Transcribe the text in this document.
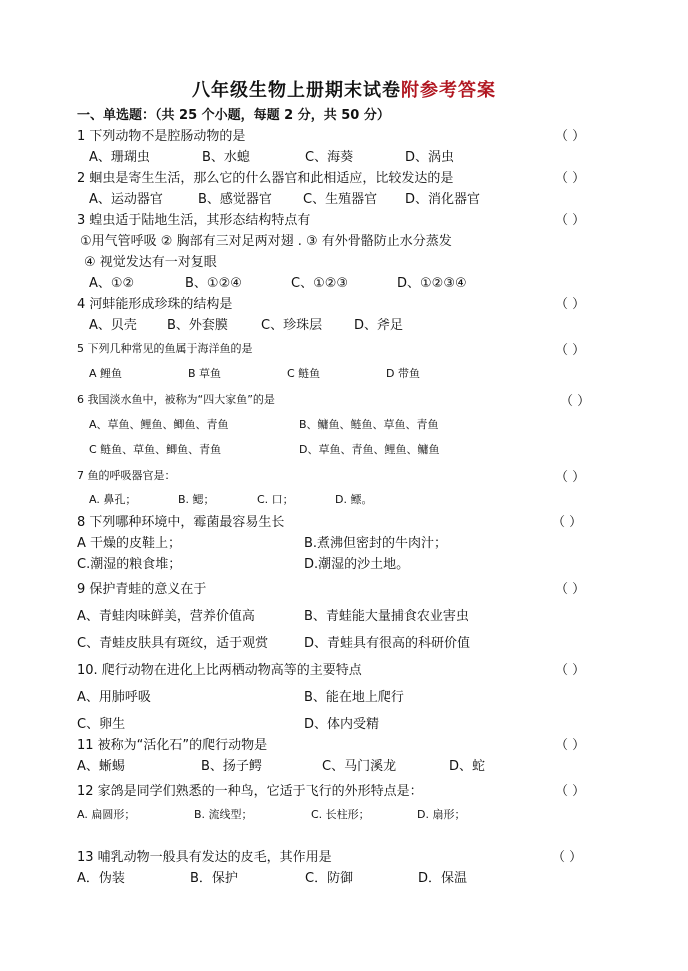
八年级生物上册期末试卷附参考答案
一、单选题：（共 25 个小题，每题 2 分，共 50 分）
1 下列动物不是腔肠动物的是	（ ）
A、珊瑚虫	B、水螅	C、海葵	D、涡虫
2 蛔虫是寄生生活，那么它的什么器官和此相适应，比较发达的是	（ ）
A、运动器官	B、感觉器官 C、生殖器官 D、消化器官
3 蝗虫适于陆地生活，其形态结构特点有	（ ）
①用气管呼吸 ② 胸部有三对足两对翅 . ③ 有外骨骼防止水分蒸发
④ 视觉发达有一对复眼
A、①②	B、①②④	C、①②③	D、①②③④
4 河蚌能形成珍珠的结构是	（ ）
A、贝壳 B、外套膜	C、珍珠层 D、斧足
5 下列几种常见的鱼属于海洋鱼的是	（ ）
A 鲤鱼	B 草鱼	C 鲢鱼	D 带鱼
6 我国淡水鱼中，被称为“四大家鱼”的是	（ ）
A、草鱼、鲤鱼、鲫鱼、青鱼	B、鳙鱼、鲢鱼、草鱼、青鱼
C 鲢鱼、草鱼、鲫鱼、青鱼	D、草鱼、青鱼、鲤鱼、鳙鱼
7 鱼的呼吸器官是：	（ ）
A. 鼻孔；	B. 鳃；	C. 口；	D. 鳔。
8 下列哪种环境中，霉菌最容易生长	（ ）
A 干燥的皮鞋上；	B.煮沸但密封的牛肉汁；
C.潮湿的粮食堆；	D.潮湿的沙土地。
9 保护青蛙的意义在于	（ ）
A、青蛙肉味鲜美，营养价值高	B、青蛙能大量捕食农业害虫
C、青蛙皮肤具有斑纹，适于观赏	D、青蛙具有很高的科研价值
10. 爬行动物在进化上比两栖动物高等的主要特点	（ ）
A、用肺呼吸	B、能在地上爬行
C、卵生	D、体内受精
11 被称为“活化石”的爬行动物是	（ ）
A、蜥蜴	B、扬子鳄	C、马门溪龙	D、蛇
12 家鸽是同学们熟悉的一种鸟，它适于飞行的外形特点是：	（ ）
A. 扁圆形；	B. 流线型；	C. 长柱形；	D. 扇形；
13 哺乳动物一般具有发达的皮毛，其作用是	（ ）
A．伪装	B．保护	C．防御	D．保温
